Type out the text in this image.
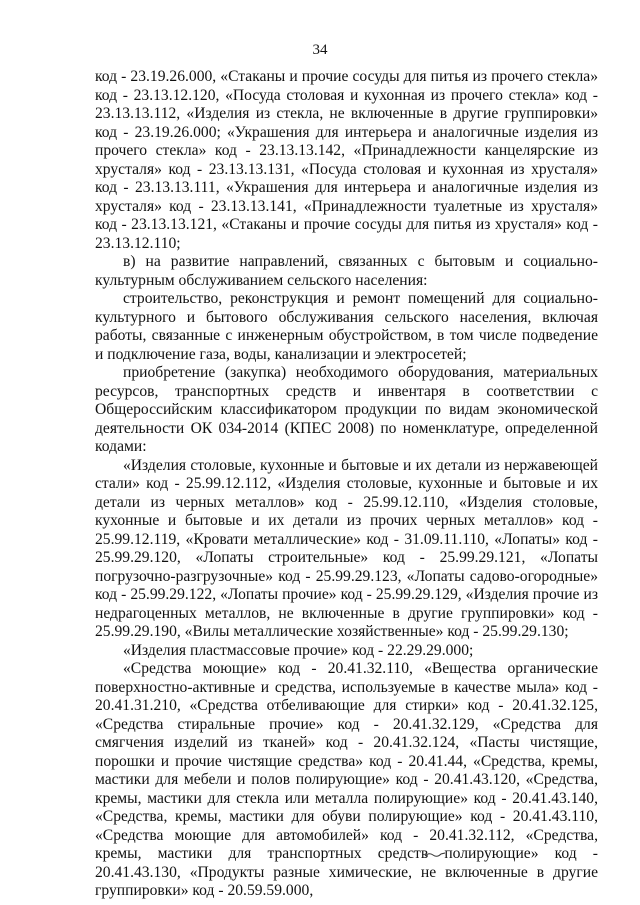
34

код - 23.19.26.000, «Стаканы и прочие сосуды для питья из прочего стекла» код - 23.13.12.120, «Посуда столовая и кухонная из прочего стекла» код - 23.13.13.112, «Изделия из стекла, не включенные в другие группировки» код - 23.19.26.000; «Украшения для интерьера и аналогичные изделия из прочего стекла» код - 23.13.13.142, «Принадлежности канцелярские из хрусталя» код - 23.13.13.131, «Посуда столовая и кухонная из хрусталя» код - 23.13.13.111, «Украшения для интерьера и аналогичные изделия из хрусталя» код - 23.13.13.141, «Принадлежности туалетные из хрусталя» код - 23.13.13.121, «Стаканы и прочие сосуды для питья из хрусталя» код - 23.13.12.110;

в) на развитие направлений, связанных с бытовым и социально-культурным обслуживанием сельского населения:

строительство, реконструкция и ремонт помещений для социально-культурного и бытового обслуживания сельского населения, включая работы, связанные с инженерным обустройством, в том числе подведение и подключение газа, воды, канализации и электросетей;

приобретение (закупка) необходимого оборудования, материальных ресурсов, транспортных средств и инвентаря в соответствии с Общероссийским классификатором продукции по видам экономической деятельности ОК 034-2014 (КПЕС 2008) по номенклатуре, определенной кодами:

«Изделия столовые, кухонные и бытовые и их детали из нержавеющей стали» код - 25.99.12.112, «Изделия столовые, кухонные и бытовые и их детали из черных металлов» код - 25.99.12.110, «Изделия столовые, кухонные и бытовые и их детали из прочих черных металлов» код - 25.99.12.119, «Кровати металлические» код - 31.09.11.110, «Лопаты» код - 25.99.29.120, «Лопаты строительные» код - 25.99.29.121, «Лопаты погрузочно-разгрузочные» код - 25.99.29.123, «Лопаты садово-огородные» код - 25.99.29.122, «Лопаты прочие» код - 25.99.29.129, «Изделия прочие из недрагоценных металлов, не включенные в другие группировки» код - 25.99.29.190, «Вилы металлические хозяйственные» код - 25.99.29.130;

«Изделия пластмассовые прочие» код - 22.29.29.000;

«Средства моющие» код - 20.41.32.110, «Вещества органические поверхностно-активные и средства, используемые в качестве мыла» код - 20.41.31.210, «Средства отбеливающие для стирки» код - 20.41.32.125, «Средства стиральные прочие» код - 20.41.32.129, «Средства для смягчения изделий из тканей» код - 20.41.32.124, «Пасты чистящие, порошки и прочие чистящие средства» код - 20.41.44, «Средства, кремы, мастики для мебели и полов полирующие» код - 20.41.43.120, «Средства, кремы, мастики для стекла или металла полирующие» код - 20.41.43.140, «Средства, кремы, мастики для обуви полирующие» код - 20.41.43.110, «Средства моющие для автомобилей» код - 20.41.32.112, «Средства, кремы, мастики для транспортных средств полирующие» код - 20.41.43.130, «Продукты разные химические, не включенные в другие группировки» код - 20.59.59.000,
